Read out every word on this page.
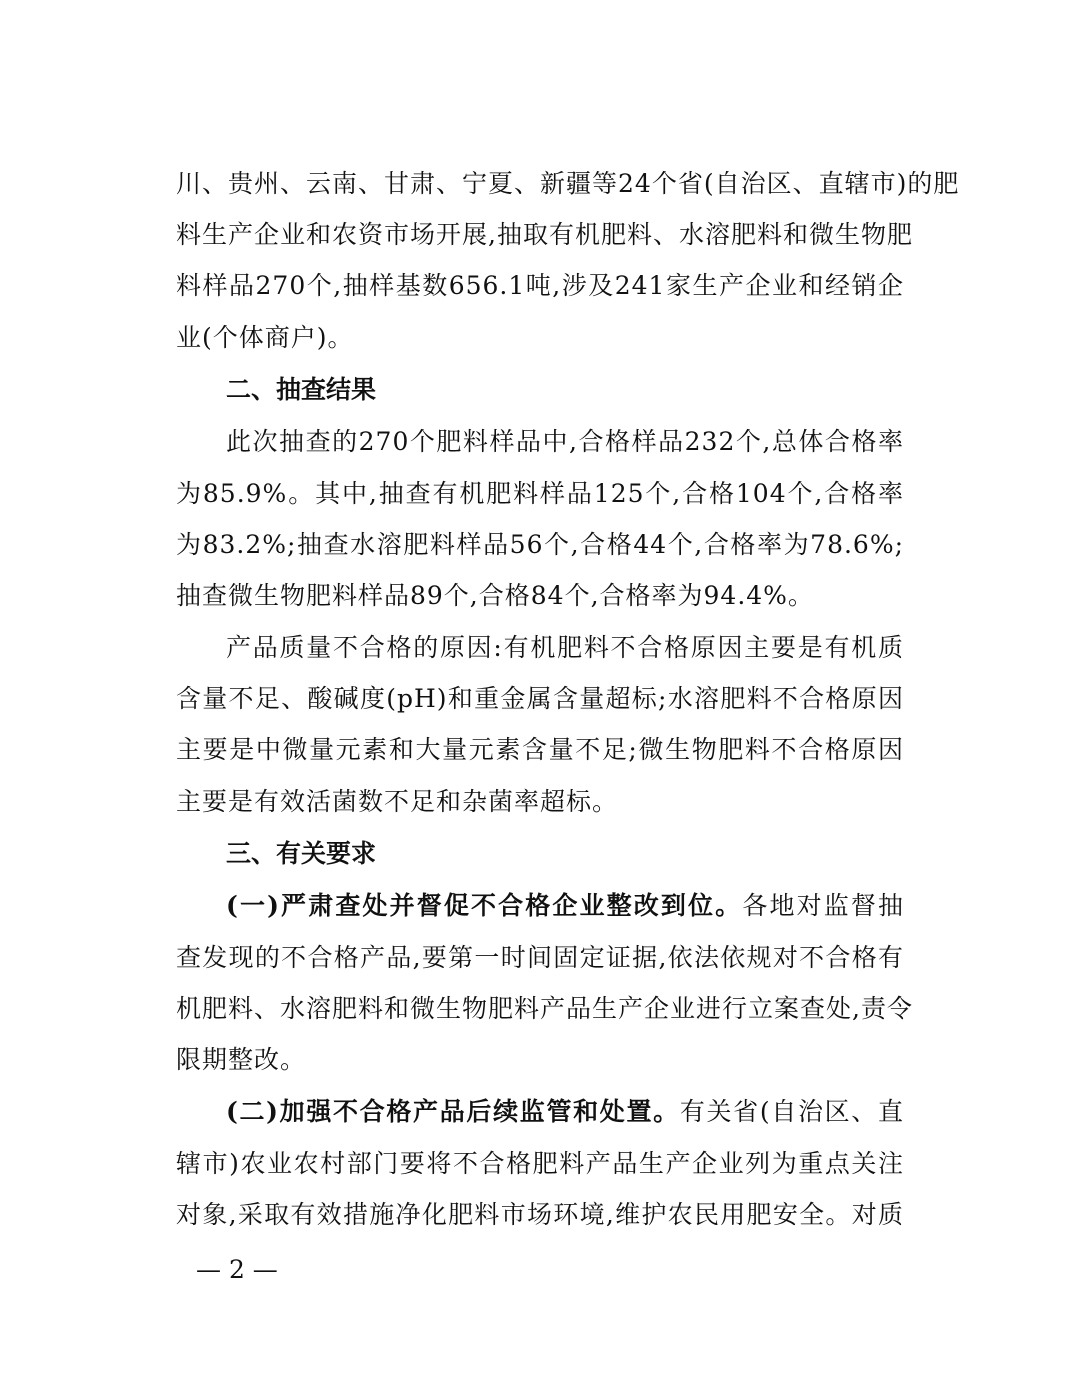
川、贵州、云南、甘肃、宁夏、新疆等24个省(自治区、直辖市)的肥
料生产企业和农资市场开展,抽取有机肥料、水溶肥料和微生物肥
料样品270个,抽样基数656.1吨,涉及241家生产企业和经销企
业(个体商户)。
二、抽查结果
此次抽查的270个肥料样品中,合格样品232个,总体合格率
为85.9%。其中,抽查有机肥料样品125个,合格104个,合格率
为83.2%;抽查水溶肥料样品56个,合格44个,合格率为78.6%;
抽查微生物肥料样品89个,合格84个,合格率为94.4%。
产品质量不合格的原因:有机肥料不合格原因主要是有机质
含量不足、酸碱度(pH)和重金属含量超标;水溶肥料不合格原因
主要是中微量元素和大量元素含量不足;微生物肥料不合格原因
主要是有效活菌数不足和杂菌率超标。
三、有关要求
(一)严肃查处并督促不合格企业整改到位。各地对监督抽
查发现的不合格产品,要第一时间固定证据,依法依规对不合格有
机肥料、水溶肥料和微生物肥料产品生产企业进行立案查处,责令
限期整改。
(二)加强不合格产品后续监管和处置。有关省(自治区、直
辖市)农业农村部门要将不合格肥料产品生产企业列为重点关注
对象,采取有效措施净化肥料市场环境,维护农民用肥安全。对质
— 2 —
